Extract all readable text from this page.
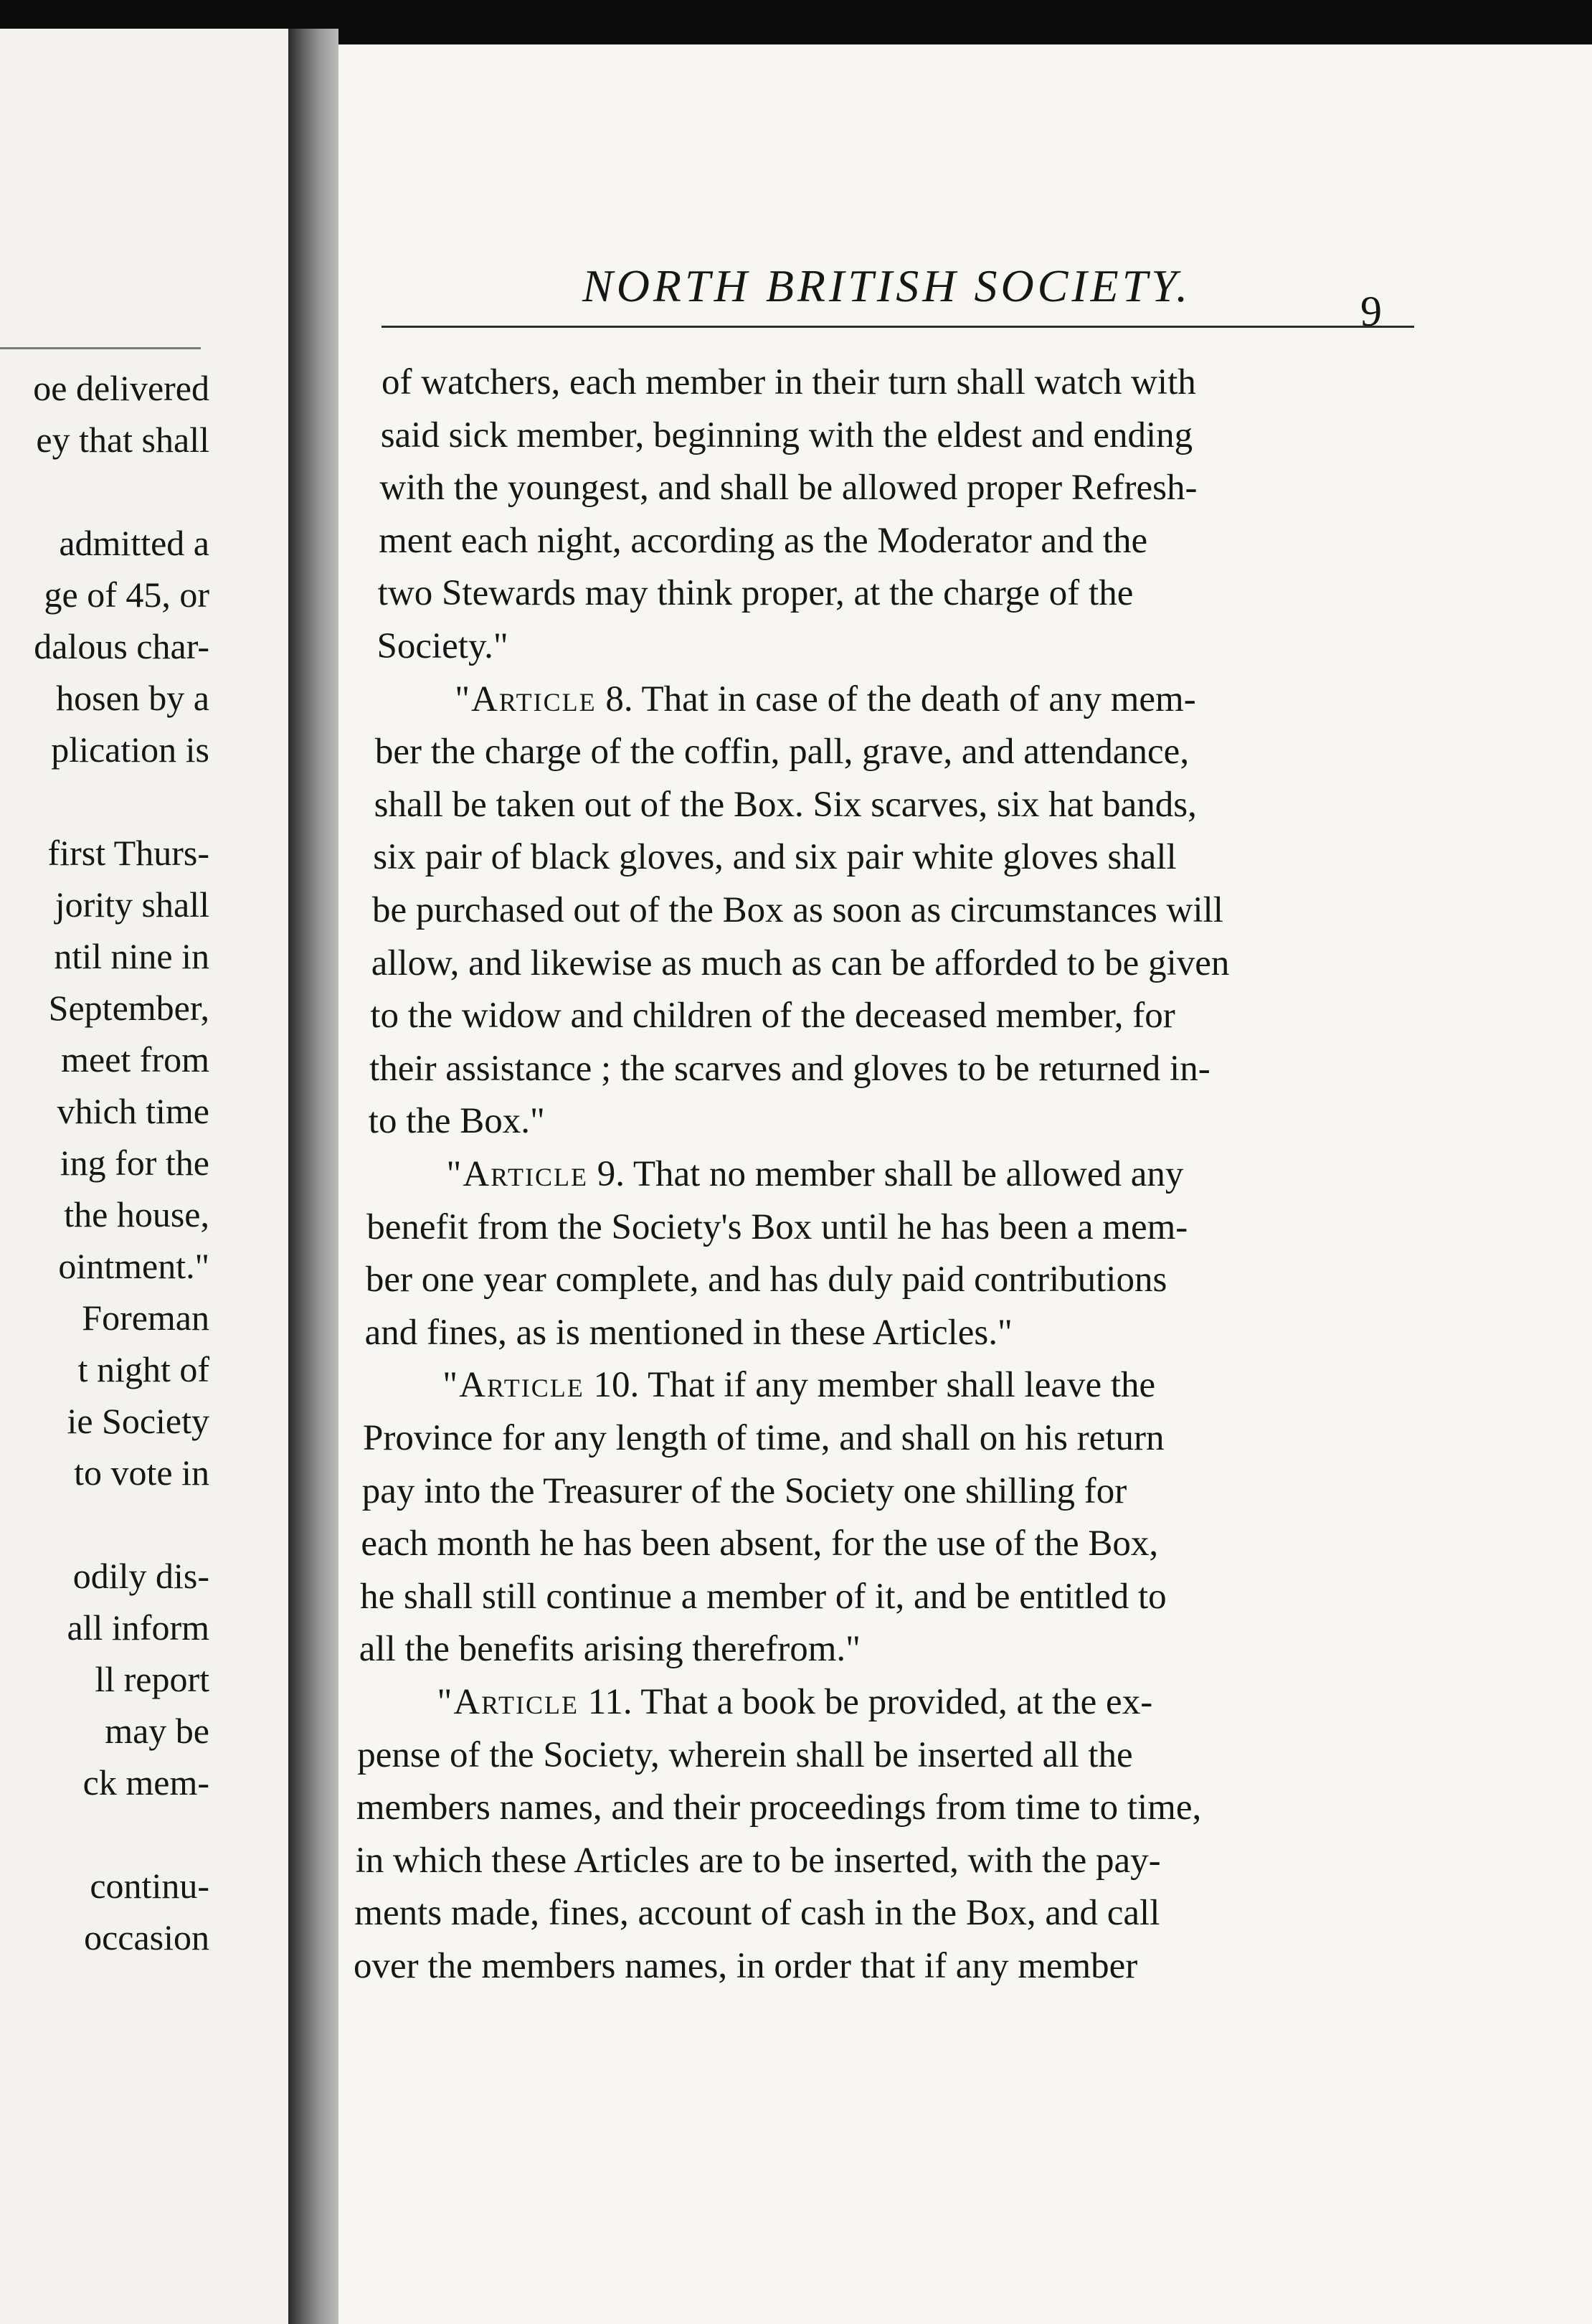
oe delivered
ey that shall
admitted a
ge of 45, or
dalous char-
hosen by a
plication is
first Thurs-
jority shall
ntil nine in
September,
meet from
vhich time
ing for the
the house,
ointment."
Foreman
t night of
ie Society
to vote in
odily dis-
all inform
ll report
may be
ck mem-
continu-
occasion
NORTH BRITISH SOCIETY.	9
of watchers, each member in their turn shall watch with
said sick member, beginning with the eldest and ending
with the youngest, and shall be allowed proper Refresh-
ment each night, according as the Moderator and the
two Stewards may think proper, at the charge of the
Society."
"Article 8. That in case of the death of any mem-
ber the charge of the coffin, pall, grave, and attendance,
shall be taken out of the Box. Six scarves, six hat bands,
six pair of black gloves, and six pair white gloves shall
be purchased out of the Box as soon as circumstances will
allow, and likewise as much as can be afforded to be given
to the widow and children of the deceased member, for
their assistance ; the scarves and gloves to be returned in-
to the Box."
"Article 9. That no member shall be allowed any
benefit from the Society's Box until he has been a mem-
ber one year complete, and has duly paid contributions
and fines, as is mentioned in these Articles."
"Article 10. That if any member shall leave the
Province for any length of time, and shall on his return
pay into the Treasurer of the Society one shilling for
each month he has been absent, for the use of the Box,
he shall still continue a member of it, and be entitled to
all the benefits arising therefrom."
"Article 11. That a book be provided, at the ex-
pense of the Society, wherein shall be inserted all the
members names, and their proceedings from time to time,
in which these Articles are to be inserted, with the pay-
ments made, fines, account of cash in the Box, and call
over the members names, in order that if any member
